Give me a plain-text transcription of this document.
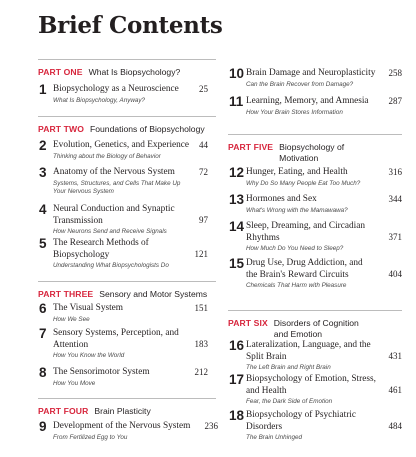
Brief Contents
PART ONE What Is Biopsychology?
1 Biopsychology as a Neuroscience
What Is Biopsychology, Anyway?
25
PART TWO Foundations of Biopsychology
2 Evolution, Genetics, and Experience
Thinking about the Biology of Behavior
44
3 Anatomy of the Nervous System
Systems, Structures, and Cells That Make Up Your Nervous System
72
4 Neural Conduction and Synaptic Transmission
How Neurons Send and Receive Signals
97
5 The Research Methods of Biopsychology
Understanding What Biopsychologists Do
121
PART THREE Sensory and Motor Systems
6 The Visual System
How We See
151
7 Sensory Systems, Perception, and Attention
How You Know the World
183
8 The Sensorimotor System
How You Move
212
PART FOUR Brain Plasticity
9 Development of the Nervous System
From Fertilized Egg to You
236
10 Brain Damage and Neuroplasticity
Can the Brain Recover from Damage?
258
11 Learning, Memory, and Amnesia
How Your Brain Stores Information
287
PART FIVE Biopsychology of
Motivation
12 Hunger, Eating, and Health
Why Do So Many People Eat Too Much?
316
13 Hormones and Sex
What's Wrong with the Mamawawa?
344
14 Sleep, Dreaming, and Circadian Rhythms
How Much Do You Need to Sleep?
371
15 Drug Use, Drug Addiction, and the Brain's Reward Circuits
Chemicals That Harm with Pleasure
404
PART SIX Disorders of Cognition
and Emotion
16 Lateralization, Language, and the Split Brain
The Left Brain and Right Brain
431
17 Biopsychology of Emotion, Stress, and Health
Fear, the Dark Side of Emotion
461
18 Biopsychology of Psychiatric Disorders
The Brain Unhinged
484
